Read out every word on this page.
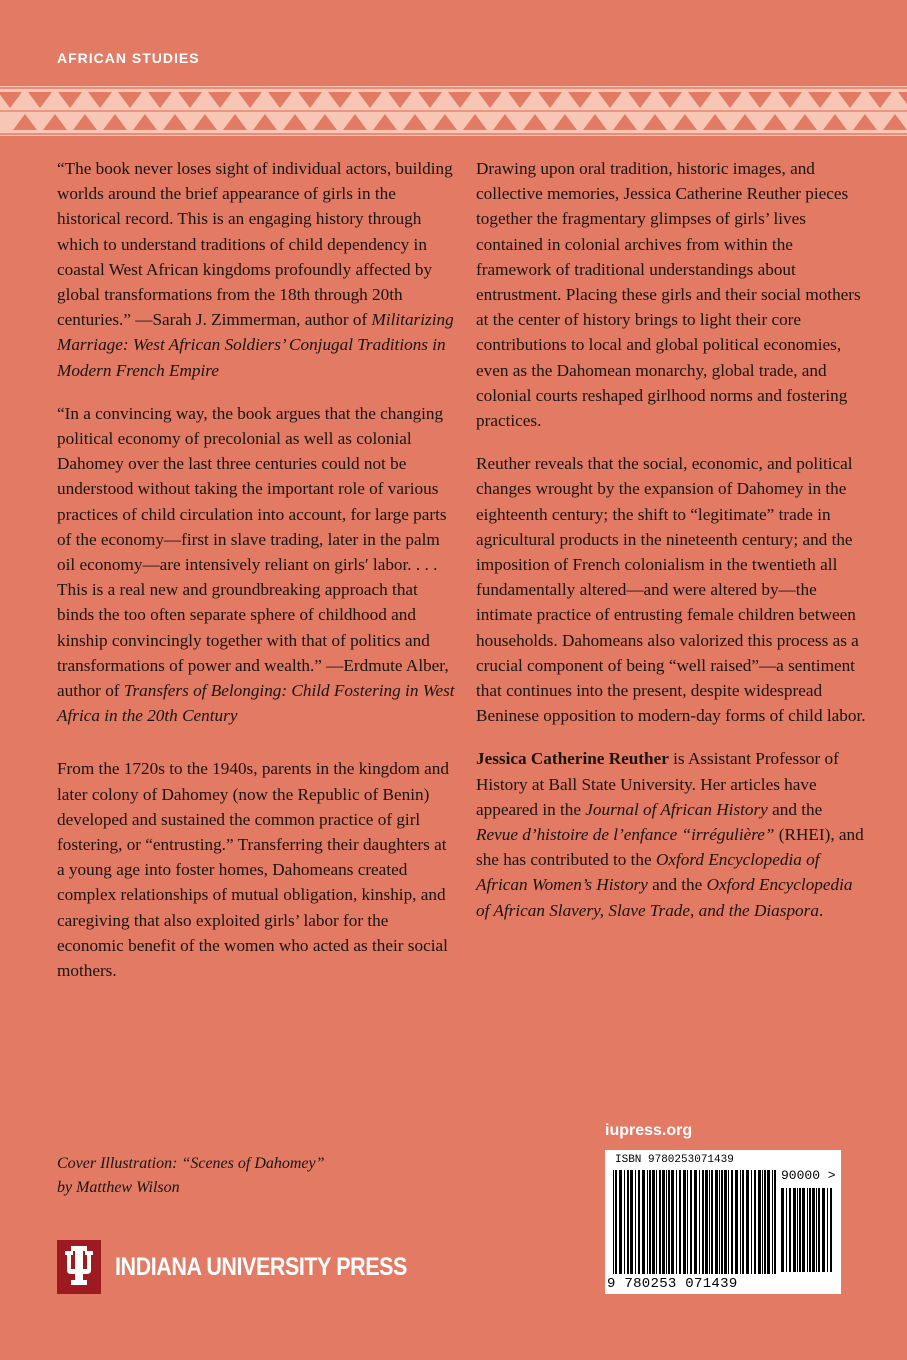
AFRICAN STUDIES

“The book never loses sight of individual actors, building worlds around the brief appearance of girls in the historical record. This is an engaging history through which to understand traditions of child dependency in coastal West African kingdoms profoundly affected by global transformations from the 18th through 20th centuries.” —Sarah J. Zimmerman, author of Militarizing Marriage: West African Soldiers’ Conjugal Traditions in Modern French Empire

“In a convincing way, the book argues that the changing political economy of precolonial as well as colonial Dahomey over the last three centuries could not be understood without taking the important role of various practices of child circulation into account, for large parts of the economy—first in slave trading, later in the palm oil economy—are intensively reliant on girls′ labor. . . . This is a real new and groundbreaking approach that binds the too often separate sphere of childhood and kinship convincingly together with that of politics and transformations of power and wealth.” —Erdmute Alber, author of Transfers of Belonging: Child Fostering in West Africa in the 20th Century

From the 1720s to the 1940s, parents in the kingdom and later colony of Dahomey (now the Republic of Benin) developed and sustained the common practice of girl fostering, or “entrusting.” Transferring their daughters at a young age into foster homes, Dahomeans created complex relationships of mutual obligation, kinship, and caregiving that also exploited girls’ labor for the economic benefit of the women who acted as their social mothers.

Drawing upon oral tradition, historic images, and collective memories, Jessica Catherine Reuther pieces together the fragmentary glimpses of girls’ lives contained in colonial archives from within the framework of traditional understandings about entrustment. Placing these girls and their social mothers at the center of history brings to light their core contributions to local and global political economies, even as the Dahomean monarchy, global trade, and colonial courts reshaped girlhood norms and fostering practices.

Reuther reveals that the social, economic, and political changes wrought by the expansion of Dahomey in the eighteenth century; the shift to “legitimate” trade in agricultural products in the nineteenth century; and the imposition of French colonialism in the twentieth all fundamentally altered—and were altered by—the intimate practice of entrusting female children between households. Dahomeans also valorized this process as a crucial component of being “well raised”—a sentiment that continues into the present, despite widespread Beninese opposition to modern-day forms of child labor.

Jessica Catherine Reuther is Assistant Professor of History at Ball State University. Her articles have appeared in the Journal of African History and the Revue d’histoire de l’enfance “irrégulière” (RHEI), and she has contributed to the Oxford Encyclopedia of African Women’s History and the Oxford Encyclopedia of African Slavery, Slave Trade, and the Diaspora.

Cover Illustration: “Scenes of Dahomey”
by Matthew Wilson
INDIANA UNIVERSITY PRESS
iupress.org
ISBN 9780253071439
90000 >
9 780253 071439
